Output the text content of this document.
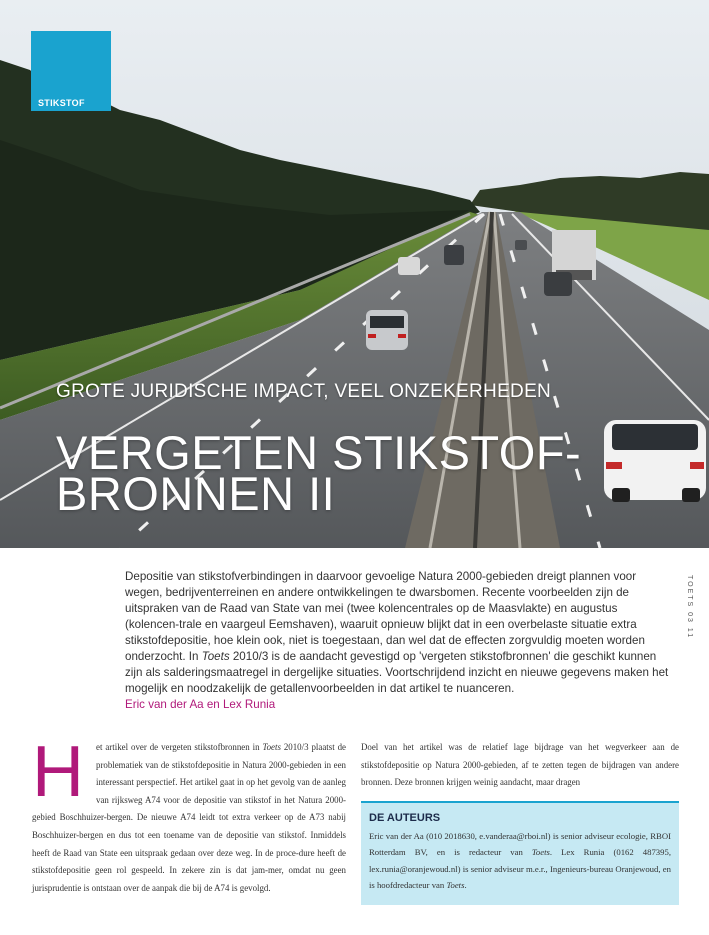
STIKSTOF
GROTE JURIDISCHE IMPACT, VEEL ONZEKERHEDEN
VERGETEN STIKSTOF-
BRONNEN II
TOETS 03 11
Depositie van stikstofverbindingen in daarvoor gevoelige Natura 2000-gebieden dreigt plannen voor wegen, bedrijventerreinen en andere ontwikkelingen te dwarsbomen. Recente voorbeelden zijn de uitspraken van de Raad van State van mei (twee kolencentrales op de Maasvlakte) en augustus (kolencen-trale en vaargeul Eemshaven), waaruit opnieuw blijkt dat in een overbelaste situatie extra stikstofdepositie, hoe klein ook, niet is toegestaan, dan wel dat de effecten zorgvuldig moeten worden onderzocht. In Toets 2010/3 is de aandacht gevestigd op 'vergeten stikstofbronnen' die geschikt kunnen zijn als salderingsmaatregel in dergelijke situaties. Voortschrijdend inzicht en nieuwe gegevens maken het mogelijk en noodzakelijk de getallenvoorbeelden in dat artikel te nuanceren.
Eric van der Aa en Lex Runia
H et artikel over de vergeten stikstofbronnen in Toets 2010/3 plaatst de problematiek van de stikstofdepositie in Natura 2000-gebieden in een interessant perspectief. Het artikel gaat in op het gevolg van de aanleg van rijksweg A74 voor de depositie van stikstof in het Natura 2000-gebied Boschhuizer-bergen. De nieuwe A74 leidt tot extra verkeer op de A73 nabij Boschhuizer-bergen en dus tot een toename van de depositie van stikstof. Inmiddels heeft de Raad van State een uitspraak gedaan over deze weg. In de proce-dure heeft de stikstofdepositie geen rol gespeeld. In zekere zin is dat jam-mer, omdat nu geen jurisprudentie is ontstaan over de aanpak die bij de A74 is gevolgd.
Doel van het artikel was de relatief lage bijdrage van het wegverkeer aan de stikstofdepositie op Natura 2000-gebieden, af te zetten tegen de bijdragen van andere bronnen. Deze bronnen krijgen weinig aandacht, maar dragen
DE AUTEURS

Eric van der Aa (010 2018630, e.vanderaa@rboi.nl) is senior adviseur ecologie, RBOI Rotterdam BV, en is redacteur van Toets. Lex Runia (0162 487395, lex.runia@oranjewoud.nl) is senior adviseur m.e.r., Ingenieurs-bureau Oranjewoud, en is hoofdredacteur van Toets.
